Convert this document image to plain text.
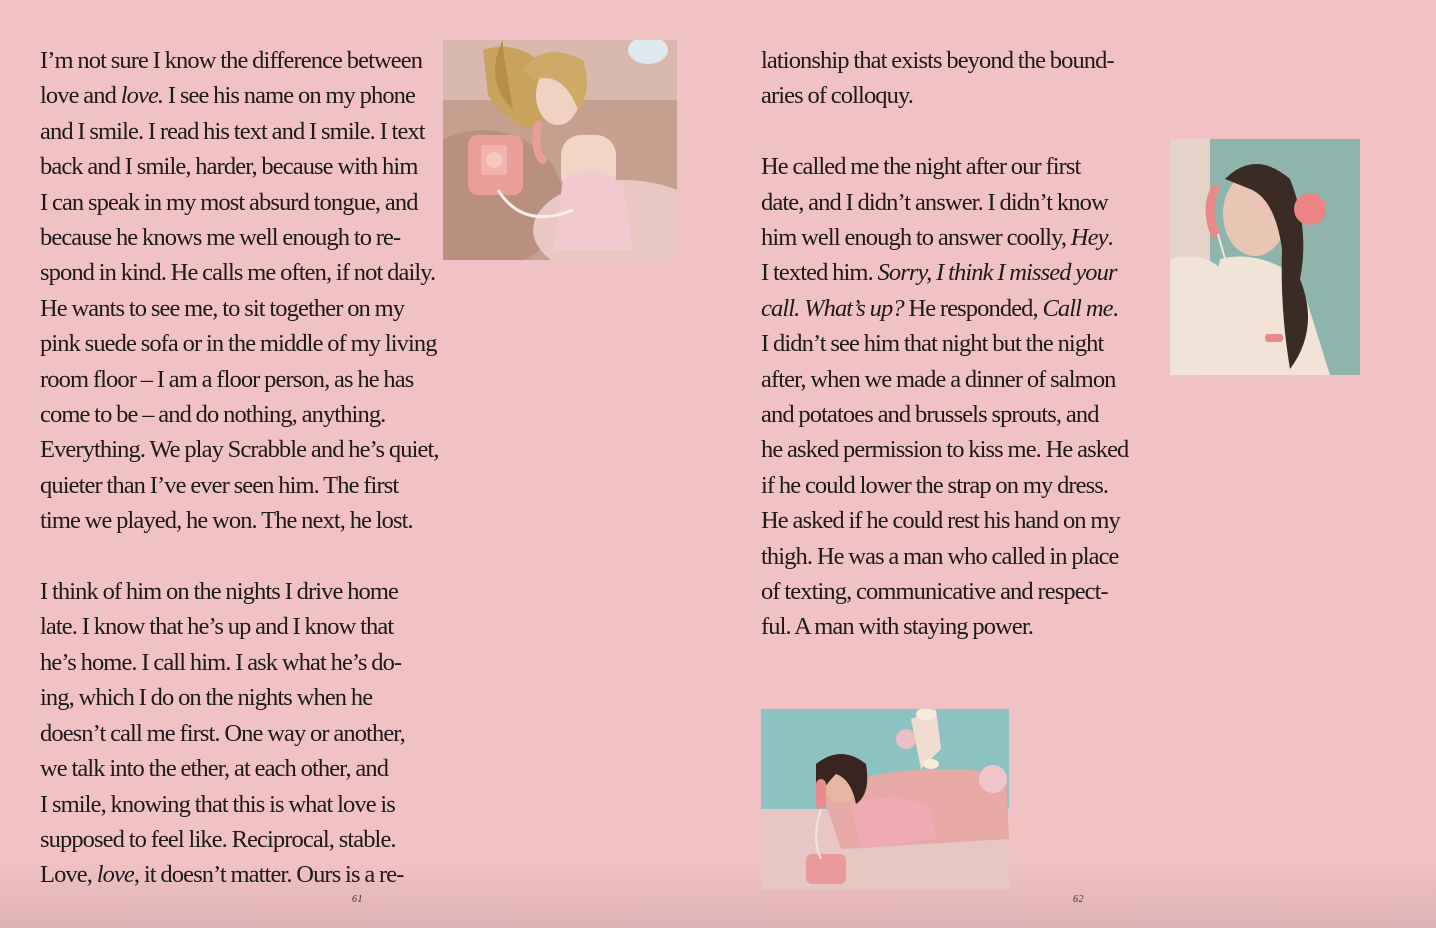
I’m not sure I know the difference between

love and love. I see his name on my phone

and I smile. I read his text and I smile. I text

back and I smile, harder, because with him

I can speak in my most absurd tongue, and

because he knows me well enough to re-

spond in kind. He calls me often, if not daily.

He wants to see me, to sit together on my

pink suede sofa or in the middle of my living

room floor – I am a floor person, as he has

come to be – and do nothing, anything.

Everything. We play Scrabble and he’s quiet,

quieter than I’ve ever seen him. The first

time we played, he won. The next, he lost.

I think of him on the nights I drive home

late. I know that he’s up and I know that

he’s home. I call him. I ask what he’s do-

ing, which I do on the nights when he

doesn’t call me first. One way or another,

we talk into the ether, at each other, and

I smile, knowing that this is what love is

supposed to feel like. Reciprocal, stable.

Love, love, it doesn’t matter. Ours is a re-

lationship that exists beyond the bound-

aries of colloquy.

He called me the night after our first

date, and I didn’t answer. I didn’t know

him well enough to answer coolly, Hey.

I texted him. Sorry, I think I missed your

call. What’s up? He responded, Call me.

I didn’t see him that night but the night

after, when we made a dinner of salmon

and potatoes and brussels sprouts, and

he asked permission to kiss me. He asked

if he could lower the strap on my dress.

He asked if he could rest his hand on my

thigh. He was a man who called in place

of texting, communicative and respect-

ful. A man with staying power.

61	62
